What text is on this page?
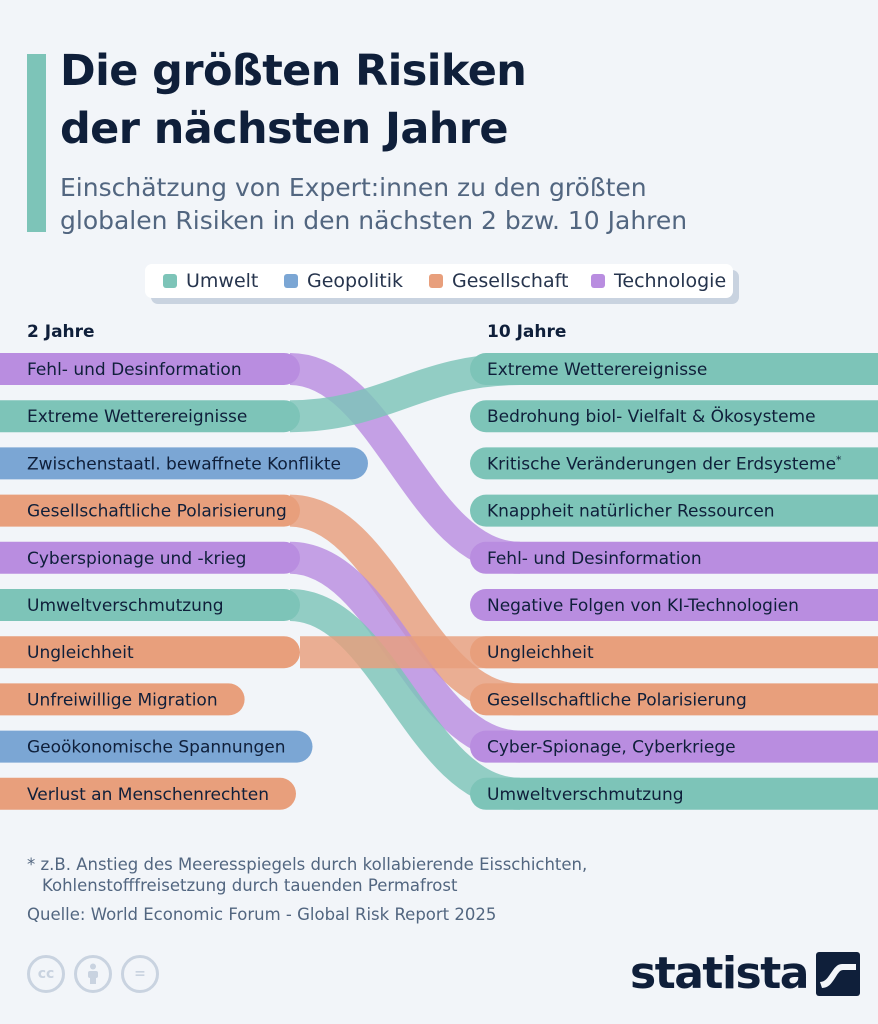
Die größten Risiken
der nächsten Jahre

Einschätzung von Expert:innen zu den größten
globalen Risiken in den nächsten 2 bzw. 10 Jahren

Umwelt	Geopolitik	Gesellschaft Technologie
2 Jahre	10 Jahre
Fehl- und Desinformation
Extreme Wetterereignisse
Zwischenstaatl. bewaffnete Konflikte
Gesellschaftliche Polarisierung
Cyberspionage und -krieg
Umweltverschmutzung
Ungleichheit
Unfreiwillige Migration
Geoökonomische Spannungen
Verlust an Menschenrechten
Extreme Wetterereignisse
Bedrohung biol- Vielfalt & Ökosysteme
Kritische Veränderungen der Erdsysteme*
Knappheit natürlicher Ressourcen
Fehl- und Desinformation
Negative Folgen von KI-Technologien
Ungleichheit
Gesellschaftliche Polarisierung
Cyber-Spionage, Cyberkriege
Umweltverschmutzung
* z.B. Anstieg des Meeresspiegels durch kollabierende Eisschichten,
Kohlenstofffreisetzung durch tauenden Permafrost
Quelle: World Economic Forum - Global Risk Report 2025
cc	=	statista
